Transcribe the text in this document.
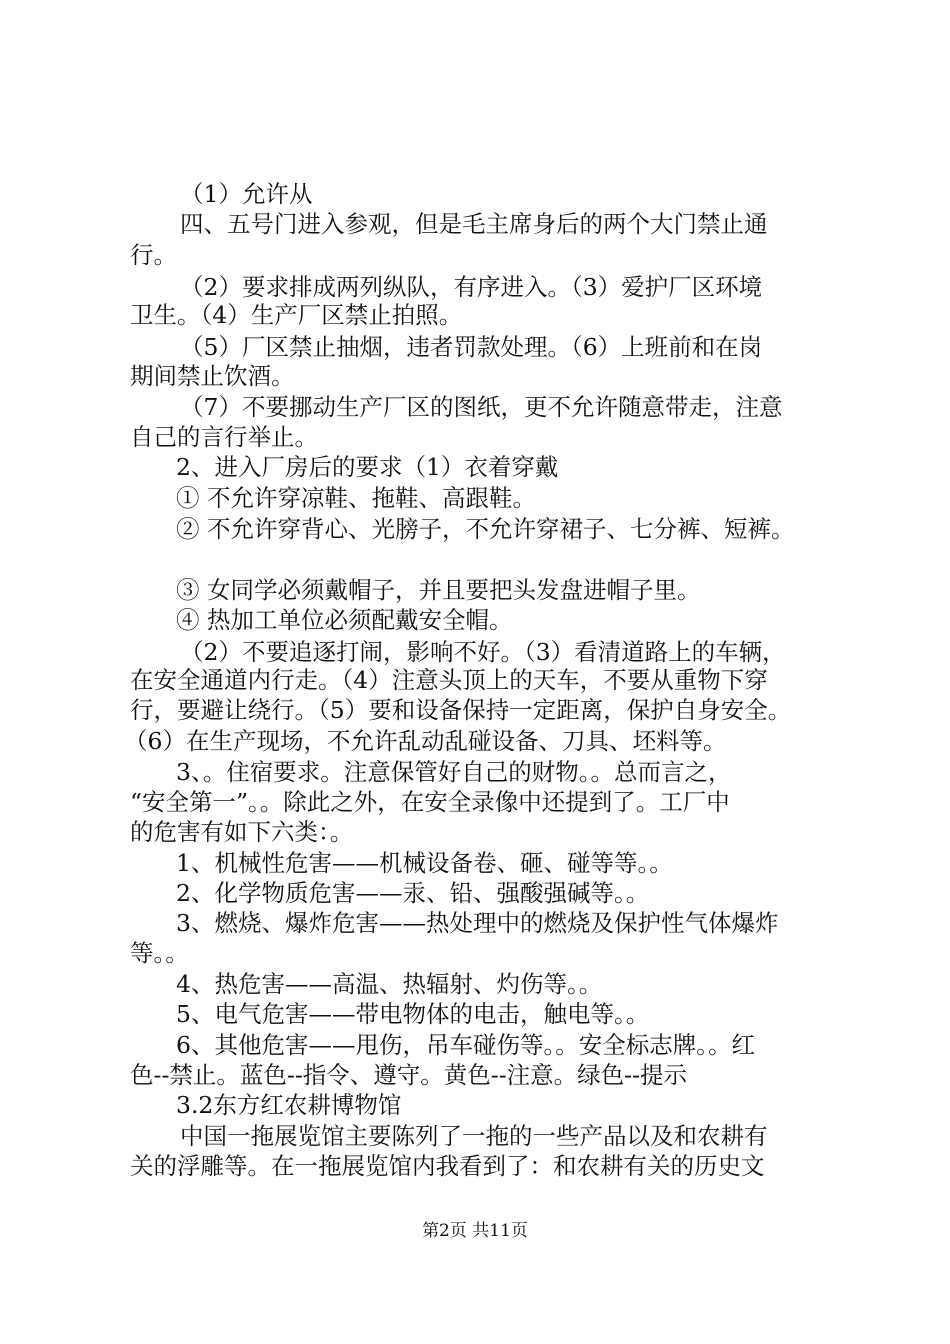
（1）允许从
四、五号门进入参观，但是毛主席身后的两个大门禁止通
行。
（2）要求排成两列纵队，有序进入。（3）爱护厂区环境
卫生。（4）生产厂区禁止拍照。
（5）厂区禁止抽烟，违者罚款处理。（6）上班前和在岗
期间禁止饮酒。
（7）不要挪动生产厂区的图纸，更不允许随意带走，注意
自己的言行举止。
2、进入厂房后的要求（1）衣着穿戴
① 不允许穿凉鞋、拖鞋、高跟鞋。
② 不允许穿背心、光膀子，不允许穿裙子、七分裤、短裤。
③ 女同学必须戴帽子，并且要把头发盘进帽子里。
④ 热加工单位必须配戴安全帽。
（2）不要追逐打闹，影响不好。（3）看清道路上的车辆，
在安全通道内行走。（4）注意头顶上的天车，不要从重物下穿
行，要避让绕行。（5）要和设备保持一定距离，保护自身安全。
（6）在生产现场，不允许乱动乱碰设备、刀具、坯料等。
3、。住宿要求。注意保管好自己的财物。。总而言之，
“安全第一”。。除此之外，在安全录像中还提到了。工厂中
的危害有如下六类：。
1、机械性危害——机械设备卷、砸、碰等等。。
2、化学物质危害——汞、铅、强酸强碱等。。
3、燃烧、爆炸危害——热处理中的燃烧及保护性气体爆炸
等。。
4、热危害——高温、热辐射、灼伤等。。
5、电气危害——带电物体的电击，触电等。。
6、其他危害——甩伤，吊车碰伤等。。安全标志牌。。红
色--禁止。蓝色--指令、遵守。黄色--注意。绿色--提示
3.2东方红农耕博物馆
中国一拖展览馆主要陈列了一拖的一些产品以及和农耕有
关的浮雕等。在一拖展览馆内我看到了：和农耕有关的历史文
第2页 共11页
